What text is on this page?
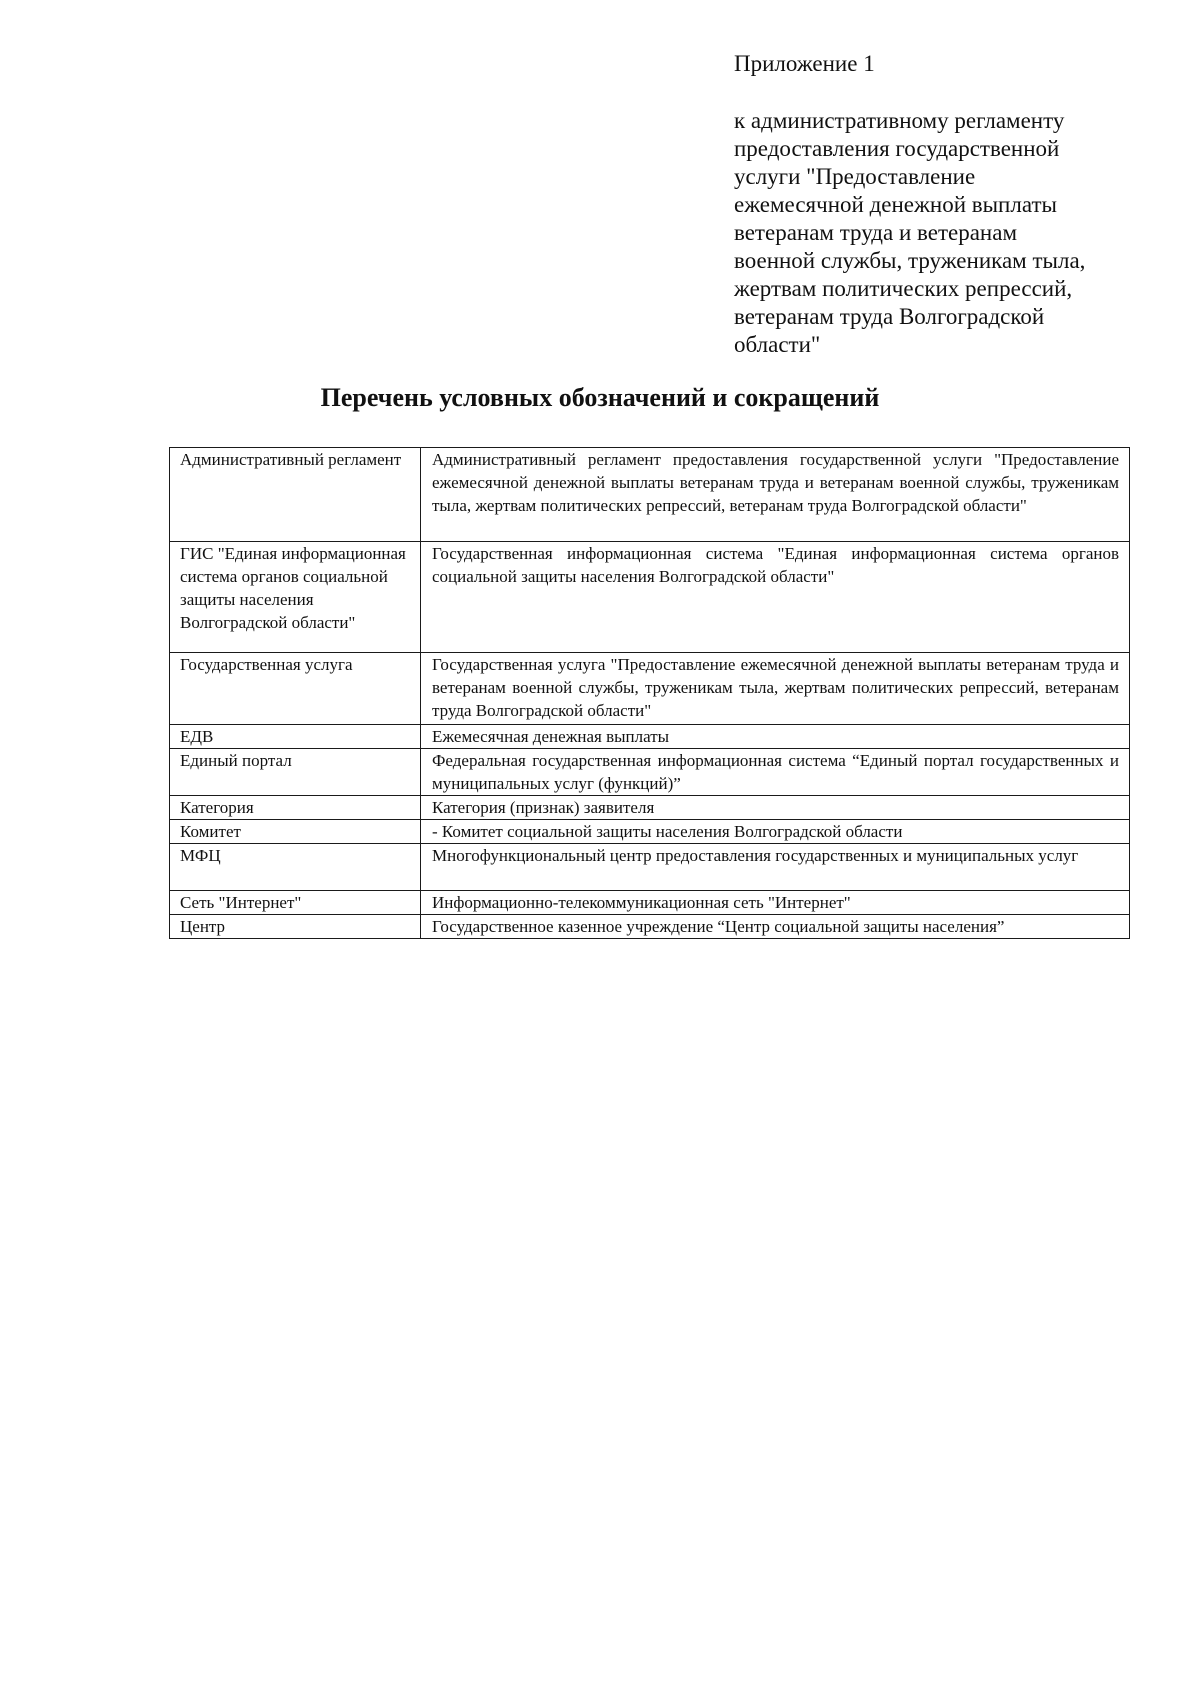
Приложение 1
к административному регламенту
предоставления государственной
услуги "Предоставление
ежемесячной денежной выплаты
ветеранам труда и ветеранам
военной службы, труженикам тыла,
жертвам политических репрессий,
ветеранам труда Волгоградской
области"
Перечень условных обозначений и сокращений
Административный регламент	Административный регламент предоставления государственной услуги "Предоставление ежемесячной денежной выплаты ветеранам труда и ветеранам военной службы, труженикам тыла, жертвам политических репрессий, ветеранам труда Волгоградской области"
ГИС "Единая информационная система органов социальной защиты населения Волгоградской области"	Государственная информационная система "Единая информационная система органов социальной защиты населения Волгоградской области"
Государственная услуга	Государственная услуга "Предоставление ежемесячной денежной выплаты ветеранам труда и ветеранам военной службы, труженикам тыла, жертвам политических репрессий, ветеранам труда Волгоградской области"
ЕДВ	Ежемесячная денежная выплаты
Единый портал	Федеральная государственная информационная система “Единый портал государственных и муниципальных услуг (функций)”
Категория	Категория (признак) заявителя
Комитет	- Комитет социальной защиты населения Волгоградской области
МФЦ	Многофункциональный центр предоставления государственных и муниципальных услуг
Сеть "Интернет"	Информационно-телекоммуникационная сеть "Интернет"
Центр	Государственное казенное учреждение “Центр социальной защиты населения”
